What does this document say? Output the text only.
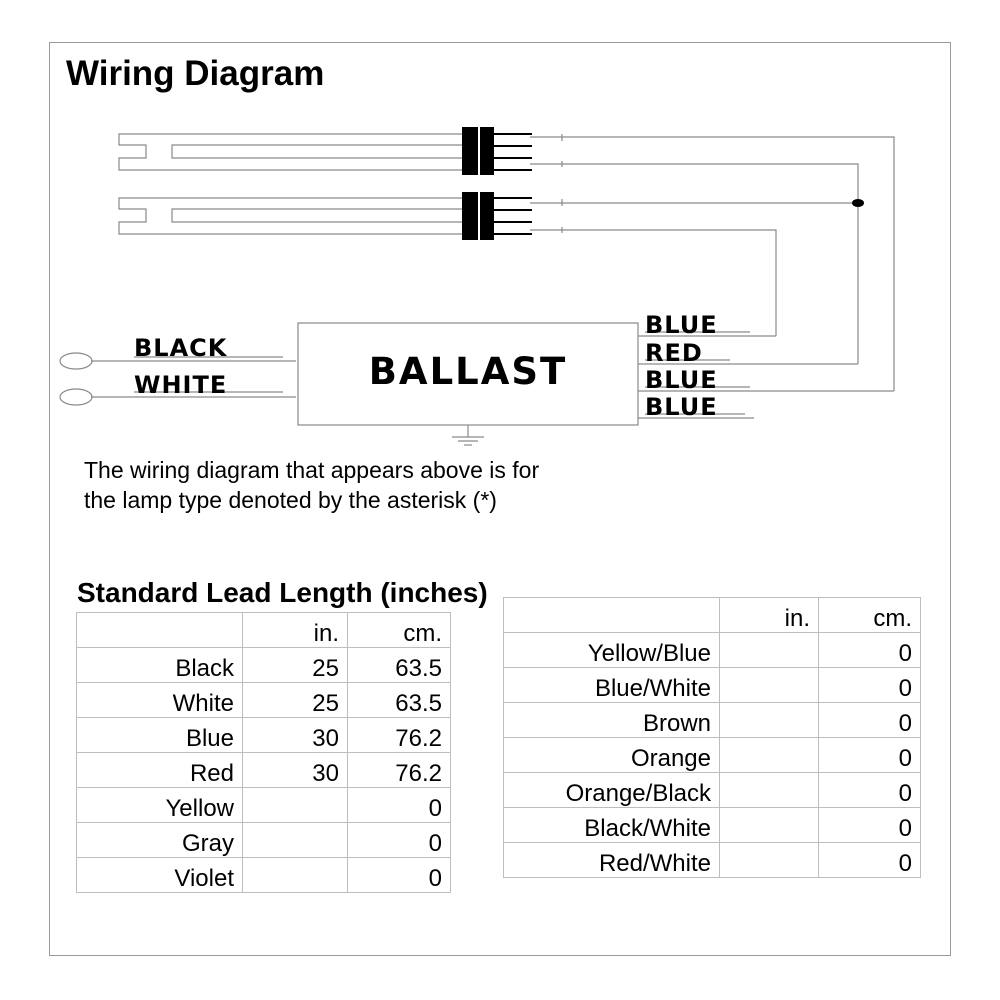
Wiring Diagram
BLACK
WHITE	BALLAST
BLUE
RED
BLUE
BLUE
The wiring diagram that appears above is for
the lamp type denoted by the asterisk (*)
Standard Lead Length (inches)
	in.	cm.
Black	25	63.5
White	25	63.5
Blue	30	76.2
Red	30	76.2
Yellow		0
Gray		0
Violet		0
	in.	cm.
Yellow/Blue		0
Blue/White		0
Brown		0
Orange		0
Orange/Black		0
Black/White		0
Red/White		0
